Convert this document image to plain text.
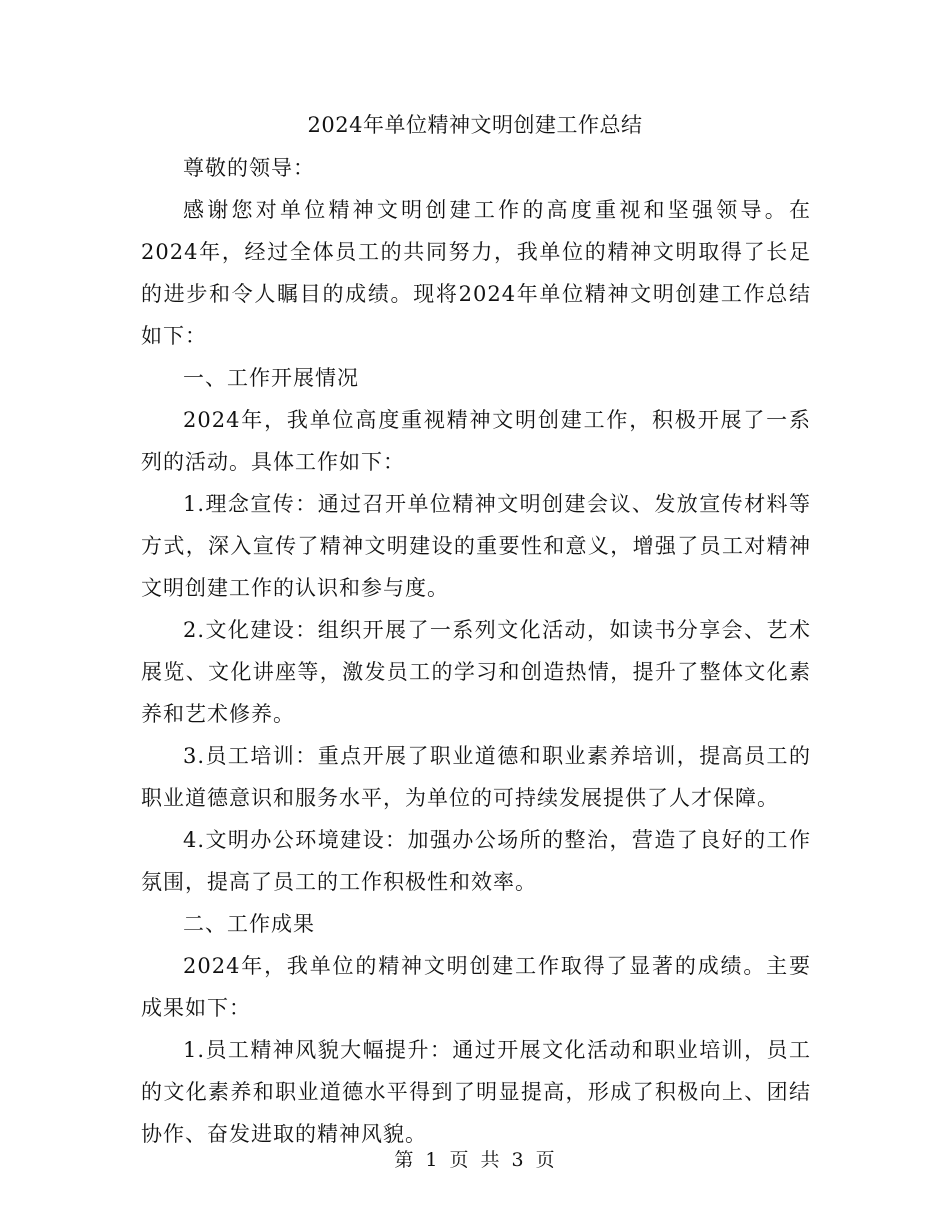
2024年单位精神文明创建工作总结

尊敬的领导：

感谢您对单位精神文明创建工作的高度重视和坚强领导。在2024年，经过全体员工的共同努力，我单位的精神文明取得了长足的进步和令人瞩目的成绩。现将2024年单位精神文明创建工作总结如下：

一、工作开展情况

2024年，我单位高度重视精神文明创建工作，积极开展了一系列的活动。具体工作如下：

1.理念宣传：通过召开单位精神文明创建会议、发放宣传材料等方式，深入宣传了精神文明建设的重要性和意义，增强了员工对精神文明创建工作的认识和参与度。

2.文化建设：组织开展了一系列文化活动，如读书分享会、艺术展览、文化讲座等，激发员工的学习和创造热情，提升了整体文化素养和艺术修养。

3.员工培训：重点开展了职业道德和职业素养培训，提高员工的职业道德意识和服务水平，为单位的可持续发展提供了人才保障。

4.文明办公环境建设：加强办公场所的整治，营造了良好的工作氛围，提高了员工的工作积极性和效率。

二、工作成果

2024年，我单位的精神文明创建工作取得了显著的成绩。主要成果如下：

1.员工精神风貌大幅提升：通过开展文化活动和职业培训，员工的文化素养和职业道德水平得到了明显提高，形成了积极向上、团结协作、奋发进取的精神风貌。

第 1 页 共 3 页
